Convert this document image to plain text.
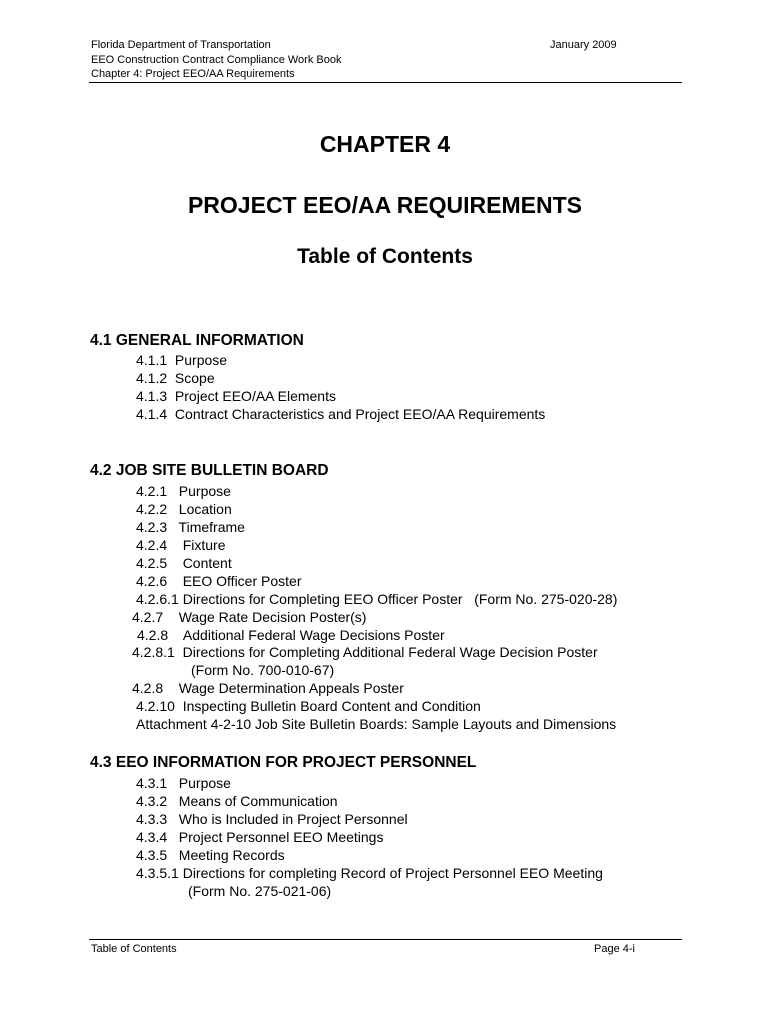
Florida Department of Transportation
EEO Construction Contract Compliance Work Book
Chapter 4: Project EEO/AA Requirements
January 2009
CHAPTER 4
PROJECT EEO/AA REQUIREMENTS
Table of Contents
4.1 GENERAL INFORMATION
4.1.1  Purpose
4.1.2  Scope
4.1.3  Project EEO/AA Elements
4.1.4  Contract Characteristics and Project EEO/AA Requirements
4.2 JOB SITE BULLETIN BOARD
4.2.1   Purpose
4.2.2   Location
4.2.3   Timeframe
4.2.4    Fixture
4.2.5    Content
4.2.6    EEO Officer Poster
4.2.6.1 Directions for Completing EEO Officer Poster   (Form No. 275-020-28)
4.2.7    Wage Rate Decision Poster(s)
4.2.8    Additional Federal Wage Decisions Poster
4.2.8.1  Directions for Completing Additional Federal Wage Decision Poster
(Form No. 700-010-67)
4.2.8    Wage Determination Appeals Poster
4.2.10  Inspecting Bulletin Board Content and Condition
Attachment 4-2-10 Job Site Bulletin Boards: Sample Layouts and Dimensions
4.3 EEO INFORMATION FOR PROJECT PERSONNEL
4.3.1   Purpose
4.3.2   Means of Communication
4.3.3   Who is Included in Project Personnel
4.3.4   Project Personnel EEO Meetings
4.3.5   Meeting Records
4.3.5.1 Directions for completing Record of Project Personnel EEO Meeting
(Form No. 275-021-06)
Table of Contents	Page 4-i
